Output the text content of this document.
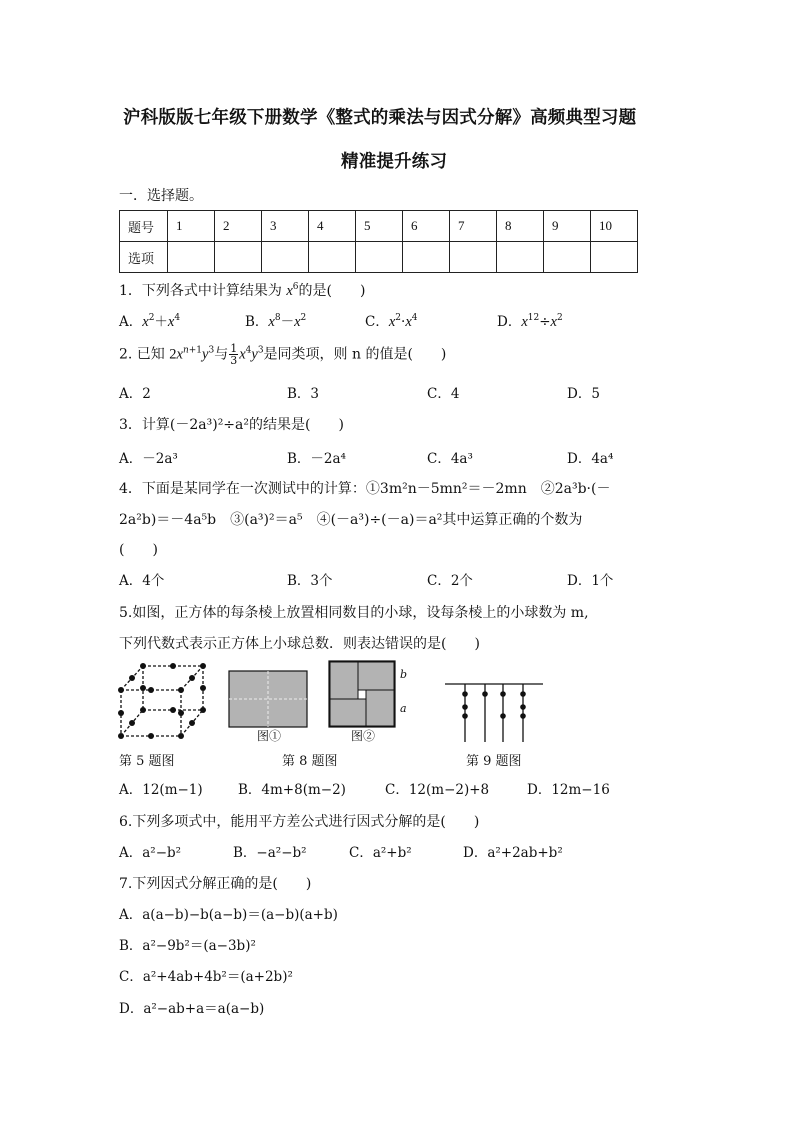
沪科版版七年级下册数学《整式的乘法与因式分解》高频典型习题
精准提升练习
一．选择题。
题号	1	2	3	4	5	6	7	8	9	10
选项										
1．下列各式中计算结果为 $x^6$的是(　　)
A．$x^2+x^4$	B．$x^8-x^2$	C．$x^2\cdot x^4$	D．$x^{12}\div x^2$
2. 已知 $2x^{n+1}y^3$与 $\frac{1}{3} x^4y^3$是同类项，则 n 的值是(　　)
A．2	B．3	C．4	D．5
3．计算(－2a³)²÷a²的结果是(　　)
A．－2a³	B．－2a⁴	C．4a³	D．4a⁴
4．下面是某同学在一次测试中的计算：①3m²n－5mn²＝－2mn　②2a³b·(－
2a²b)＝－4a⁵b　③(a³)²＝a⁵　④(－a³)÷(－a)＝a²其中运算正确的个数为
(　　)
A．4个	B．3个	C．2个	D．1个
5.如图，正方体的每条棱上放置相同数目的小球，设每条棱上的小球数为 m,
下列代数式表示正方体上小球总数．则表达错误的是(　　)
图①
b
a
图②
第 5 题图	第 8 题图	第 9 题图
A．12(m−1)	B．4m+8(m−2)	C．12(m−2)+8	D．12m−16
6.下列多项式中，能用平方差公式进行因式分解的是(　　)
A．a²−b²	B．−a²−b²	C．a²+b²	D．a²+2ab+b²
7.下列因式分解正确的是(　　)
A．a(a−b)−b(a−b)＝(a−b)(a+b)
B．a²−9b²＝(a−3b)²
C．a²+4ab+4b²＝(a+2b)²
D．a²−ab+a＝a(a−b)
